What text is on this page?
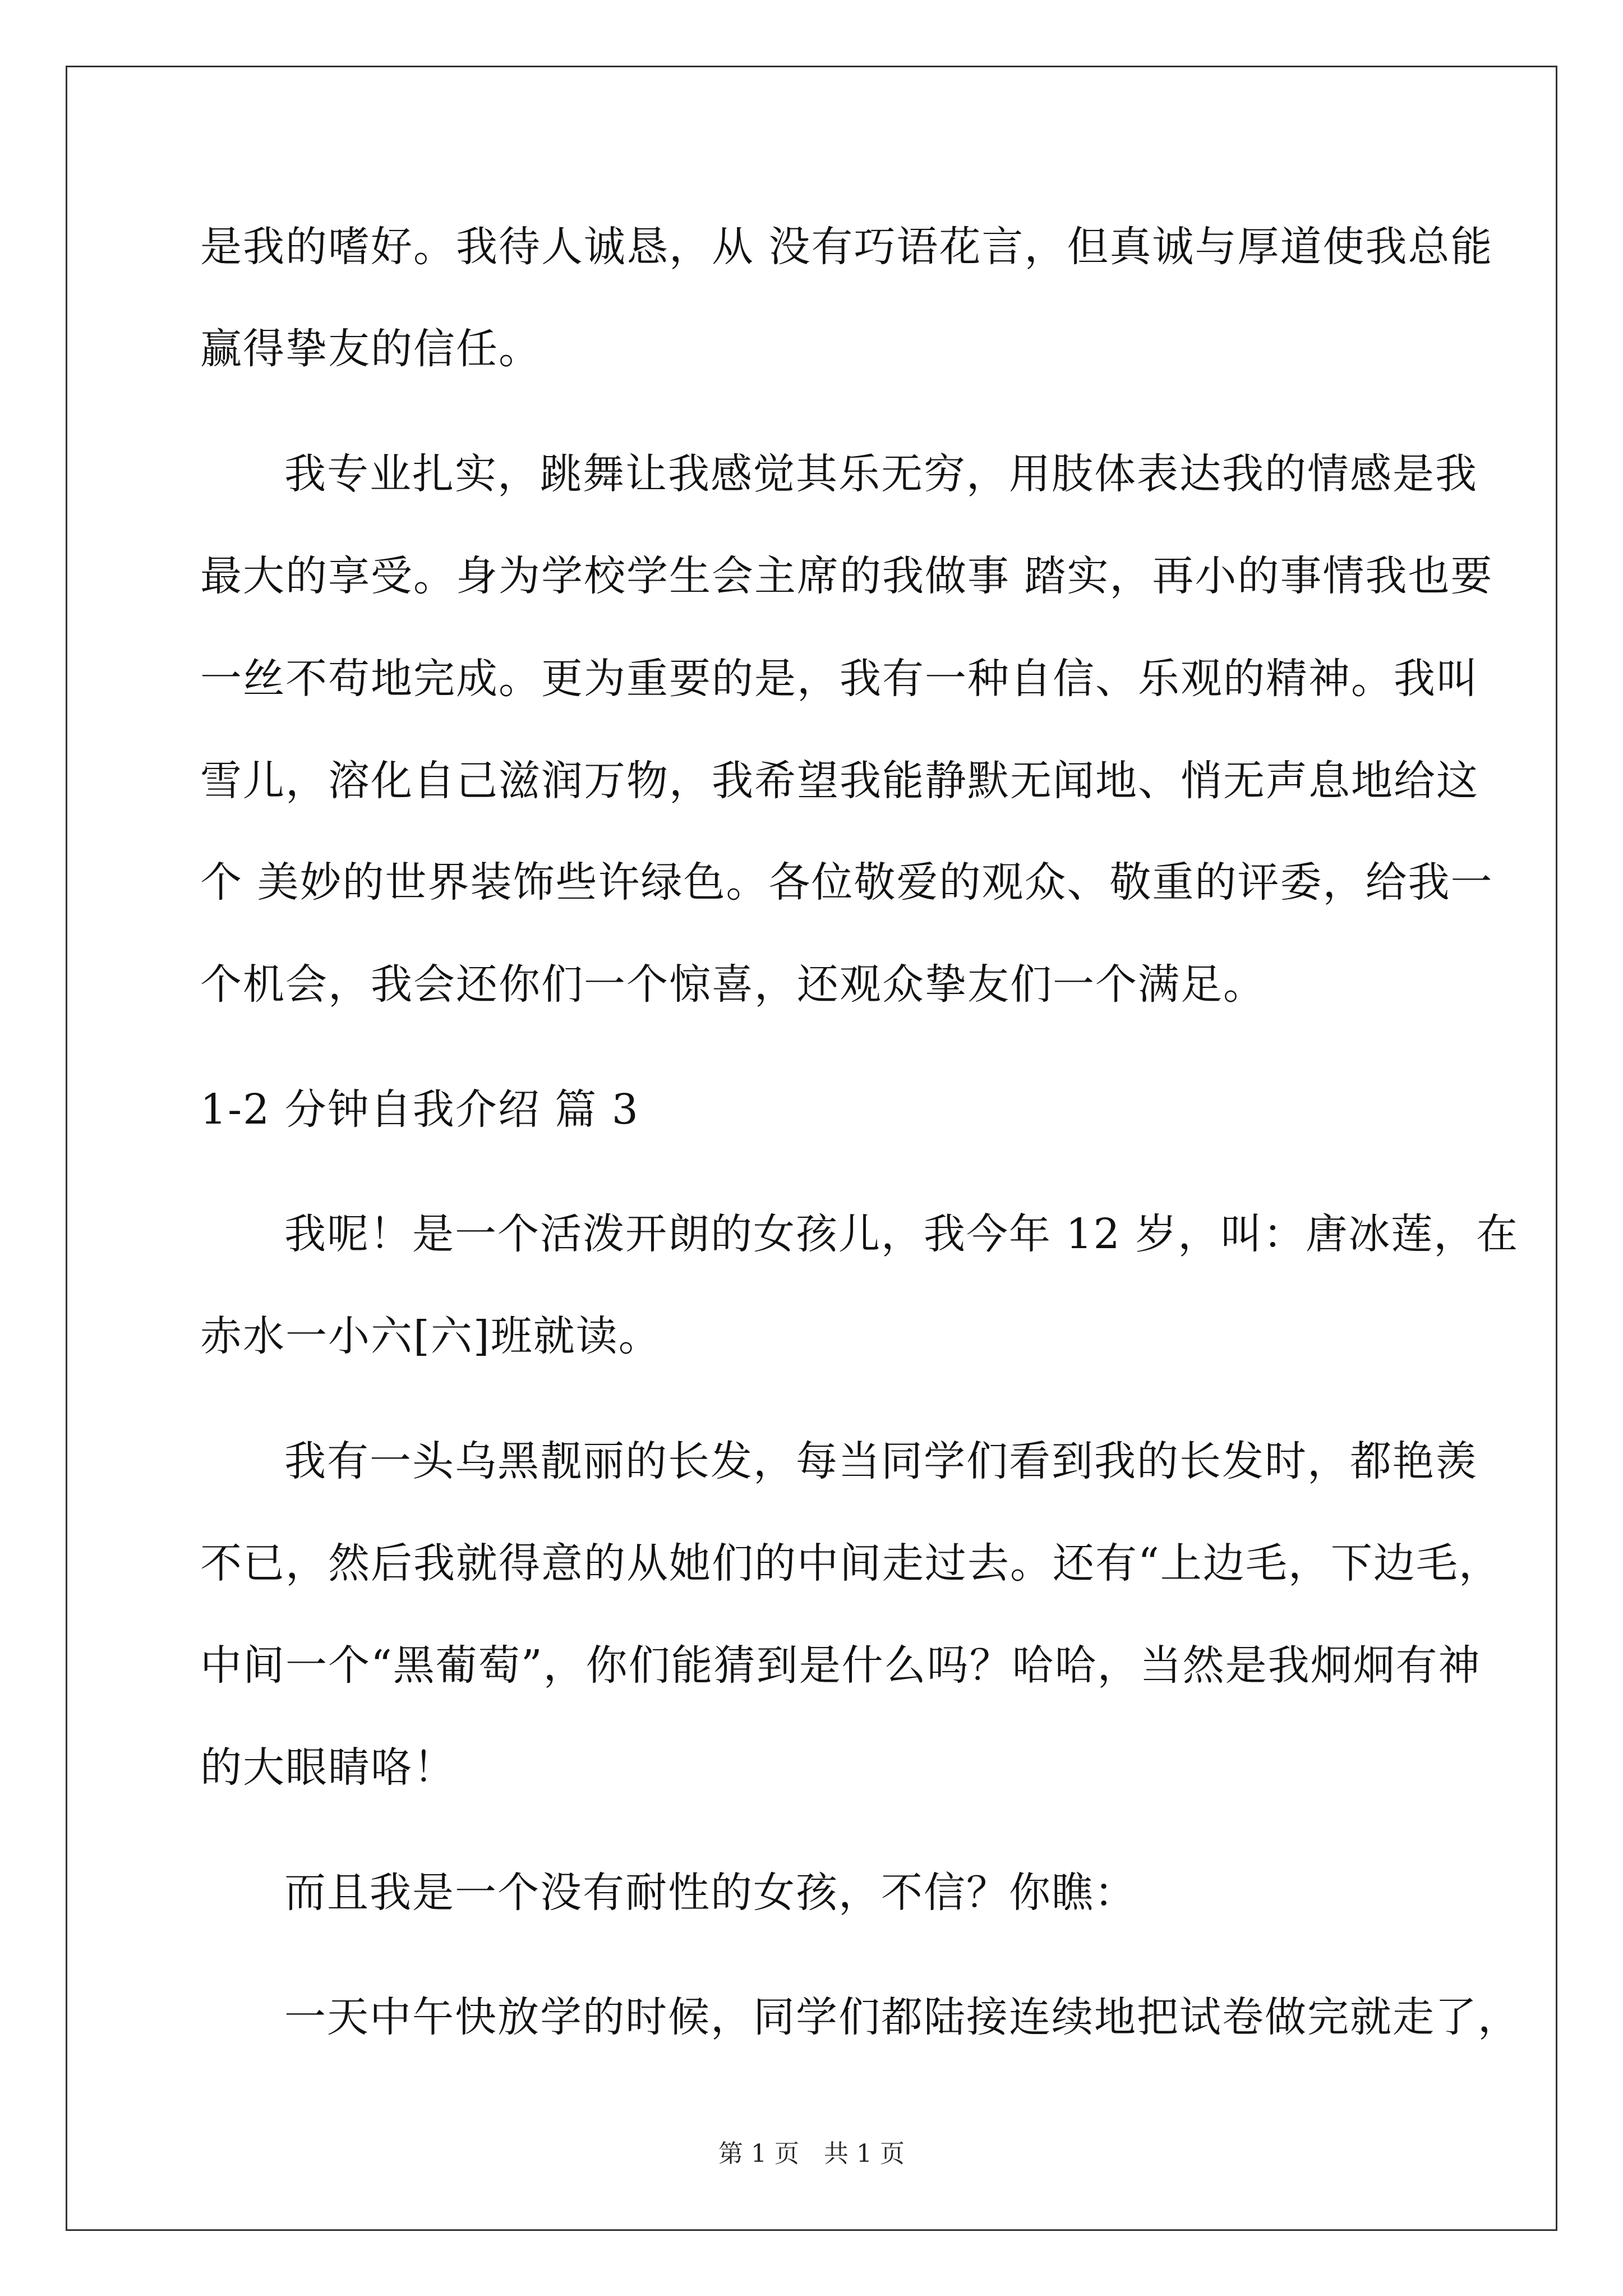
是我的嗜好。我待人诚恳，从 没有巧语花言，但真诚与厚道使我总能
赢得挚友的信任。
我专业扎实，跳舞让我感觉其乐无穷，用肢体表达我的情感是我
最大的享受。身为学校学生会主席的我做事 踏实，再小的事情我也要
一丝不苟地完成。更为重要的是，我有一种自信、乐观的精神。我叫
雪儿，溶化自己滋润万物，我希望我能静默无闻地、悄无声息地给这
个 美妙的世界装饰些许绿色。各位敬爱的观众、敬重的评委，给我一
个机会，我会还你们一个惊喜，还观众挚友们一个满足。
1-2 分钟自我介绍 篇 3
我呢！是一个活泼开朗的女孩儿，我今年 12 岁，叫：唐冰莲，在
赤水一小六[六]班就读。
我有一头乌黑靓丽的长发，每当同学们看到我的长发时，都艳羡
不已，然后我就得意的从她们的中间走过去。还有“上边毛，下边毛，
中间一个“黑葡萄”，你们能猜到是什么吗？哈哈，当然是我炯炯有神
的大眼睛咯！
而且我是一个没有耐性的女孩，不信？你瞧：
一天中午快放学的时候，同学们都陆接连续地把试卷做完就走了，
第 1 页　共 1 页
